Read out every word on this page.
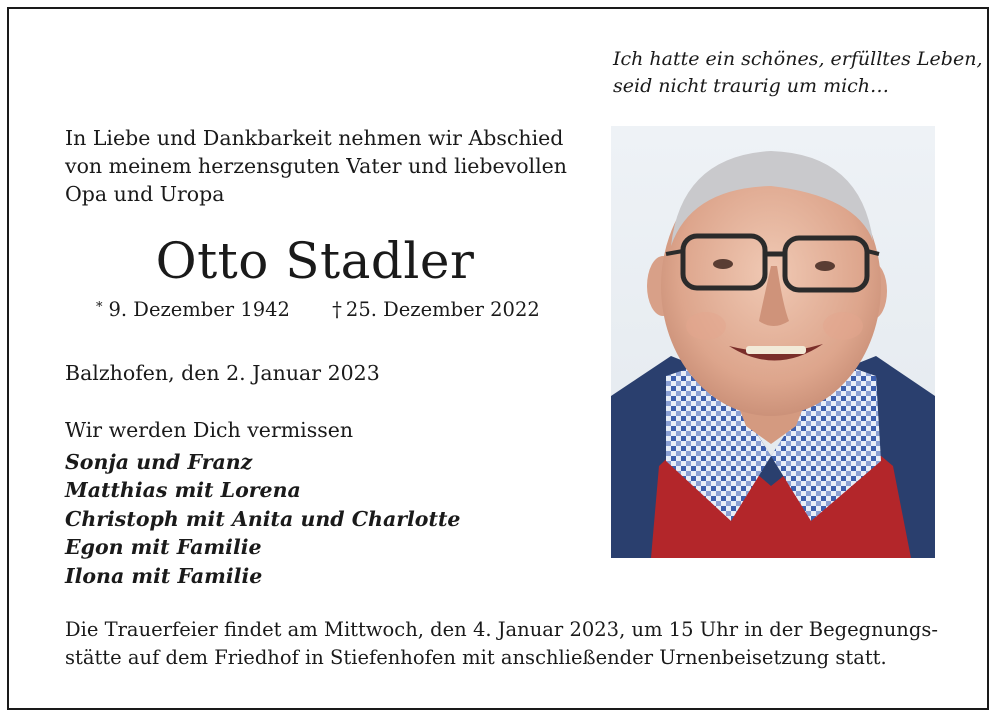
Ich hatte ein schönes, erfülltes Leben,
seid nicht traurig um mich…
In Liebe und Dankbarkeit nehmen wir Abschied
von meinem herzensguten Vater und liebevollen
Opa und Uropa
Otto Stadler
* 9. Dezember 1942 † 25. Dezember 2022
Balzhofen, den 2. Januar 2023
Wir werden Dich vermissen
Sonja und Franz
Matthias mit Lorena
Christoph mit Anita und Charlotte
Egon mit Familie
Ilona mit Familie
Die Trauerfeier findet am Mittwoch, den 4. Januar 2023, um 15 Uhr in der Begegnungs-
stätte auf dem Friedhof in Stiefenhofen mit anschließender Urnenbeisetzung statt.
